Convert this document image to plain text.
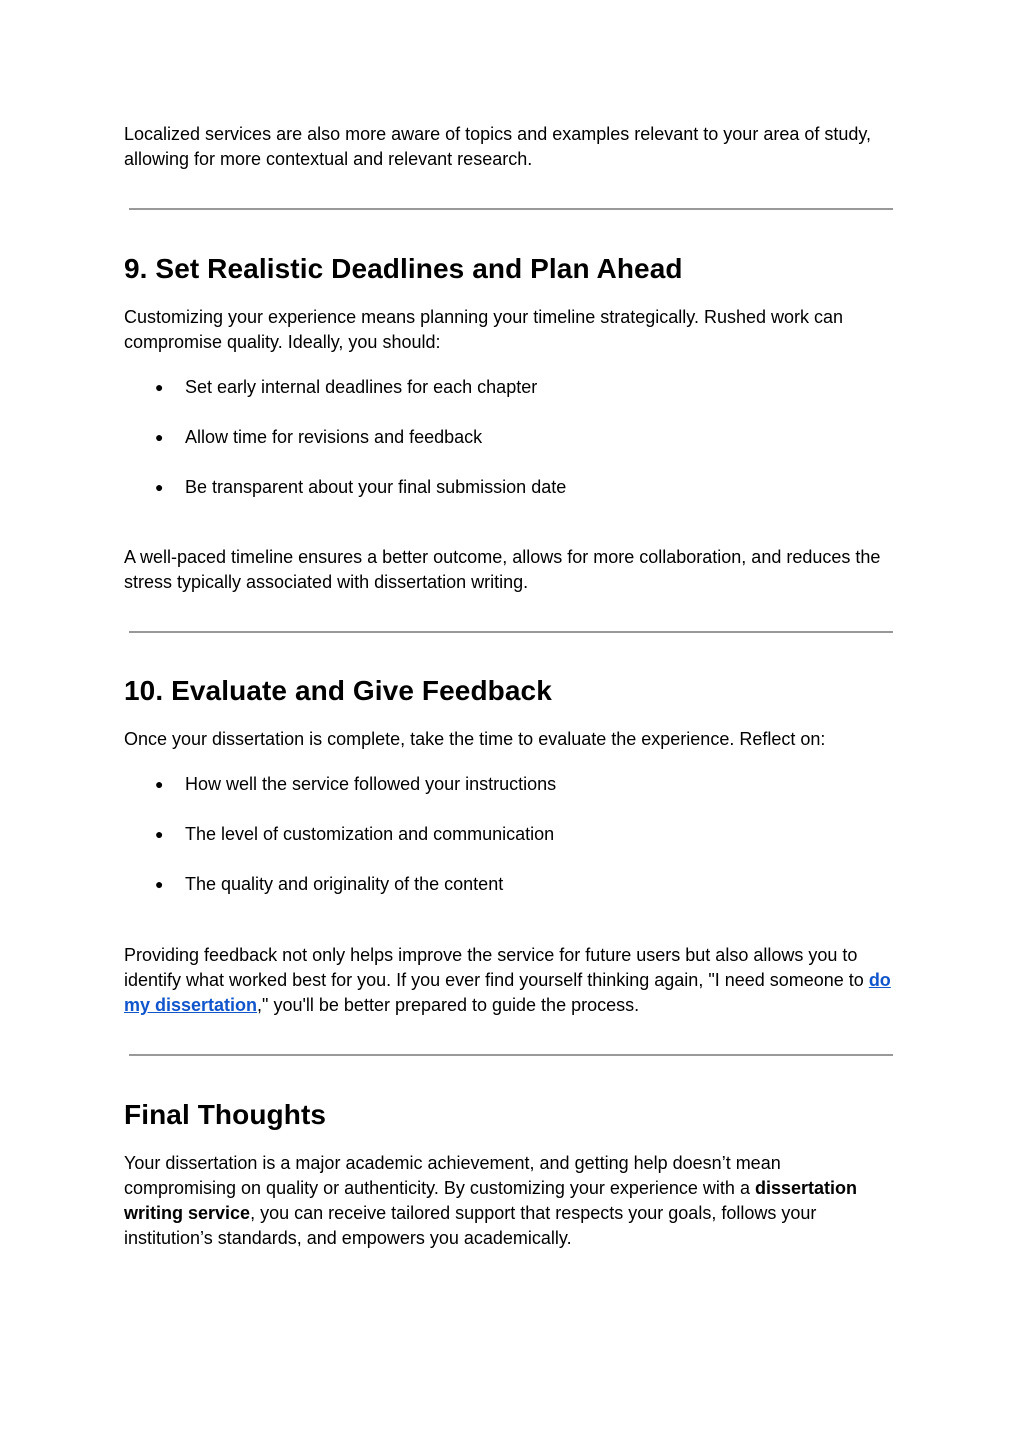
Localized services are also more aware of topics and examples relevant to your area of study, allowing for more contextual and relevant research.

9. Set Realistic Deadlines and Plan Ahead

Customizing your experience means planning your timeline strategically. Rushed work can compromise quality. Ideally, you should:

● Set early internal deadlines for each chapter
● Allow time for revisions and feedback
● Be transparent about your final submission date

A well-paced timeline ensures a better outcome, allows for more collaboration, and reduces the stress typically associated with dissertation writing.

10. Evaluate and Give Feedback

Once your dissertation is complete, take the time to evaluate the experience. Reflect on:

● How well the service followed your instructions
● The level of customization and communication
● The quality and originality of the content

Providing feedback not only helps improve the service for future users but also allows you to identify what worked best for you. If you ever find yourself thinking again, "I need someone to do my dissertation," you'll be better prepared to guide the process.

Final Thoughts

Your dissertation is a major academic achievement, and getting help doesn’t mean compromising on quality or authenticity. By customizing your experience with a dissertation writing service, you can receive tailored support that respects your goals, follows your institution’s standards, and empowers you academically.
